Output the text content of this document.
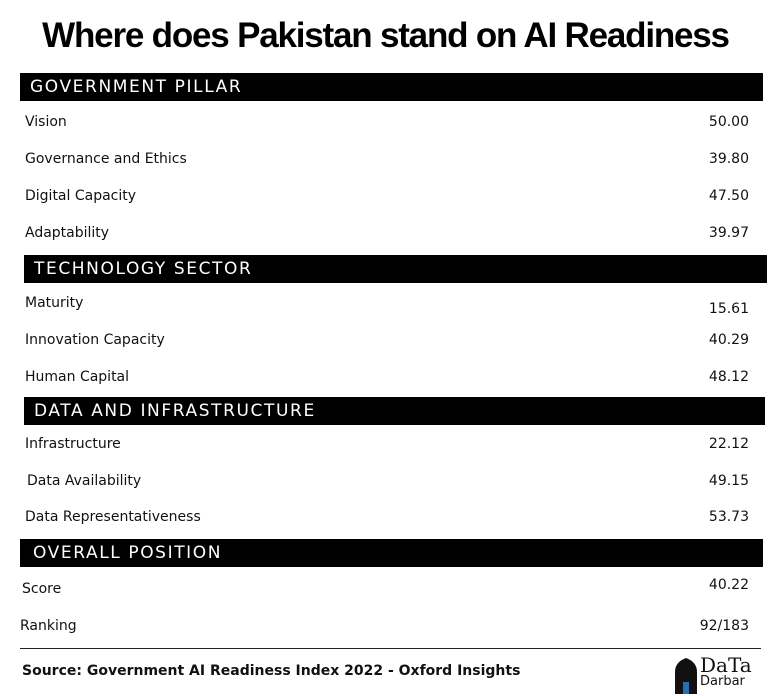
Where does Pakistan stand on AI Readiness
GOVERNMENT PILLAR
Vision	50.00
Governance and Ethics	39.80
Digital Capacity	47.50
Adaptability	39.97
TECHNOLOGY SECTOR
Maturity	15.61
Innovation Capacity	40.29
Human Capital	48.12
DATA AND INFRASTRUCTURE
Infrastructure	22.12
Data Availability	49.15
Data Representativeness	53.73
OVERALL POSITION
Score	40.22
Ranking	92/183
Source: Government AI Readiness Index 2022 - Oxford Insights	DaTa
Darbar
